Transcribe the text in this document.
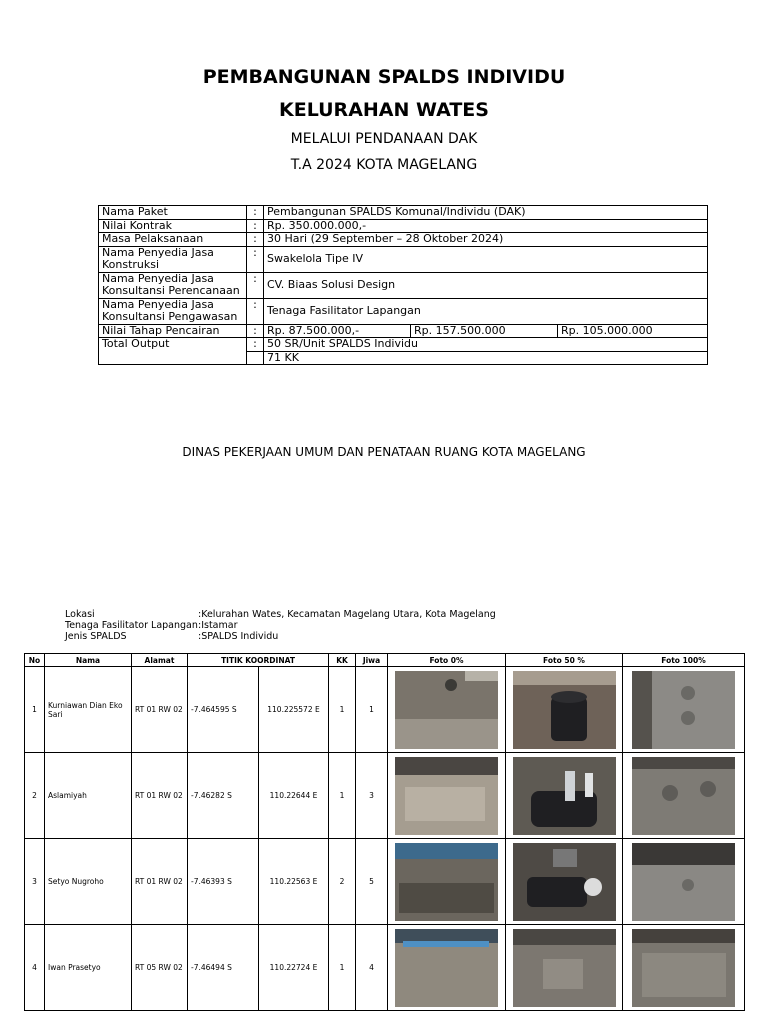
PEMBANGUNAN SPALDS INDIVIDU
KELURAHAN WATES
MELALUI PENDANAAN DAK
T.A 2024 KOTA MAGELANG
Nama Paket	:	Pembangunan SPALDS Komunal/Individu (DAK)		
Nilai Kontrak	:	Rp. 350.000.000,-		
Masa Pelaksanaan	:	30 Hari (29 September – 28 Oktober 2024)		
Nama Penyedia Jasa Konstruksi	:	Swakelola Tipe IV		
Nama Penyedia Jasa Konsultansi Perencanaan	:	CV. Biaas Solusi Design		
Nama Penyedia Jasa Konsultansi Pengawasan	:	Tenaga Fasilitator Lapangan		
Nilai Tahap Pencairan	:	Rp. 87.500.000,-	Rp. 157.500.000	Rp. 105.000.000
Total Output	:	50 SR/Unit SPALDS Individu		
		71 KK		
DINAS PEKERJAAN UMUM DAN PENATAAN RUANG KOTA MAGELANG
Lokasi	:Kelurahan Wates, Kecamatan Magelang Utara, Kota Magelang
Tenaga Fasilitator Lapangan :Istamar
Jenis SPALDS	:SPALDS Individu
No	Nama	Alamat	TITIK KOORDINAT		KK	Jiwa	Foto 0%	Foto 50 %	Foto 100%
1	Kurniawan Dian Eko Sari	RT 01 RW 02	-7.464595 S	110.225572 E	1	1	

2	Aslamiyah	RT 01 RW 02	-7.46282 S	110.22644 E	1	3	

3	Setyo Nugroho	RT 01 RW 02	-7.46393 S	110.22563 E	2	5	

4	Iwan Prasetyo	RT 05 RW 02	-7.46494 S	110.22724 E	1	4	
